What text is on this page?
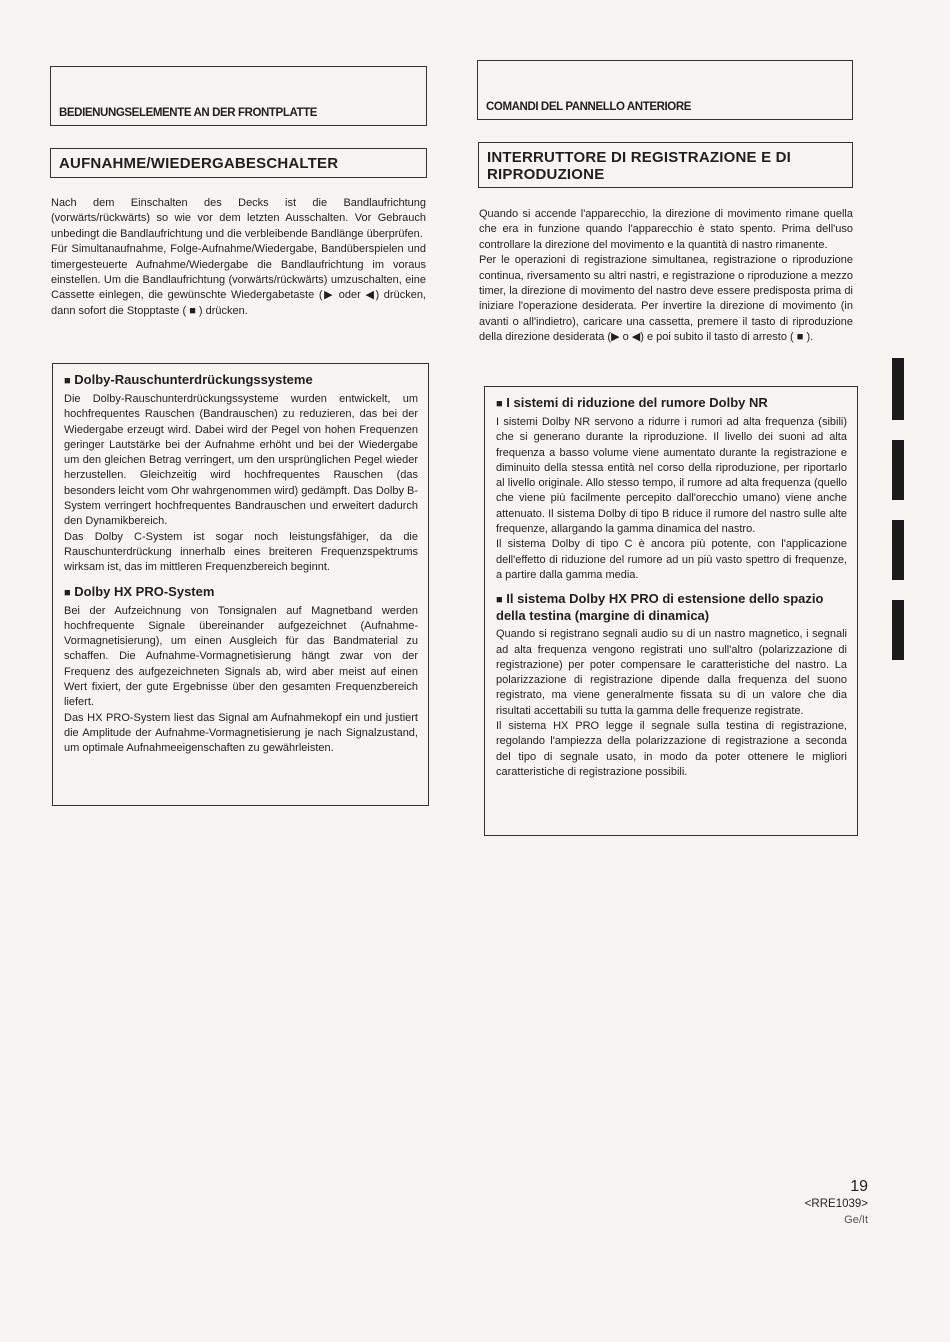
BEDIENUNGSELEMENTE AN DER FRONTPLATTE
AUFNAHME/WIEDERGABESCHALTER

Nach dem Einschalten des Decks ist die Bandlaufrichtung (vorwärts/rückwärts) so wie vor dem letzten Ausschalten. Vor Gebrauch unbedingt die Bandlaufrichtung und die verbleibende Bandlänge überprüfen.

Für Simultanaufnahme, Folge-Aufnahme/Wiedergabe, Bandüberspielen und timergesteuerte Aufnahme/Wiedergabe die Bandlaufrichtung im voraus einstellen. Um die Bandlaufrichtung (vorwärts/rückwärts) umzuschalten, eine Cassette einlegen, die gewünschte Wiedergabetaste (▶ oder ◀) drücken, dann sofort die Stopptaste ( ■ ) drücken.

■ Dolby-Rauschunterdrückungssysteme

Die Dolby-Rauschunterdrückungssysteme wurden entwickelt, um hochfrequentes Rauschen (Bandrauschen) zu reduzieren, das bei der Wiedergabe erzeugt wird. Dabei wird der Pegel von hohen Frequenzen geringer Lautstärke bei der Aufnahme erhöht und bei der Wiedergabe um den gleichen Betrag verringert, um den ursprünglichen Pegel wieder herzustellen. Gleichzeitig wird hochfrequentes Rauschen (das besonders leicht vom Ohr wahrgenommen wird) gedämpft. Das Dolby B-System verringert hochfrequentes Bandrauschen und erweitert dadurch den Dynamikbereich.

Das Dolby C-System ist sogar noch leistungsfähiger, da die Rauschunterdrückung innerhalb eines breiteren Frequenzspektrums wirksam ist, das im mittleren Frequenzbereich beginnt.

■ Dolby HX PRO-System

Bei der Aufzeichnung von Tonsignalen auf Magnetband werden hochfrequente Signale übereinander aufgezeichnet (Aufnahme-Vormagnetisierung), um einen Ausgleich für das Bandmaterial zu schaffen. Die Aufnahme-Vormagnetisierung hängt zwar von der Frequenz des aufgezeichneten Signals ab, wird aber meist auf einen Wert fixiert, der gute Ergebnisse über den gesamten Frequenzbereich liefert.

Das HX PRO-System liest das Signal am Aufnahmekopf ein und justiert die Amplitude der Aufnahme-Vormagnetisierung je nach Signalzustand, um optimale Aufnahmeeigenschaften zu gewährleisten.

COMANDI DEL PANNELLO ANTERIORE
INTERRUTTORE DI REGISTRAZIONE E DI RIPRODUZIONE

Quando si accende l'apparecchio, la direzione di movimento rimane quella che era in funzione quando l'apparecchio è stato spento. Prima dell'uso controllare la direzione del movimento e la quantità di nastro rimanente.

Per le operazioni di registrazione simultanea, registrazione o riproduzione continua, riversamento su altri nastri, e registrazione o riproduzione a mezzo timer, la direzione di movimento del nastro deve essere predisposta prima di iniziare l'operazione desiderata. Per invertire la direzione di movimento (in avanti o all'indietro), caricare una cassetta, premere il tasto di riproduzione della direzione desiderata (▶ o ◀) e poi subito il tasto di arresto ( ■ ).

■ I sistemi di riduzione del rumore Dolby NR

I sistemi Dolby NR servono a ridurre i rumori ad alta frequenza (sibili) che si generano durante la riproduzione. Il livello dei suoni ad alta frequenza a basso volume viene aumentato durante la registrazione e diminuito della stessa entità nel corso della riproduzione, per riportarlo al livello originale. Allo stesso tempo, il rumore ad alta frequenza (quello che viene più facilmente percepito dall'orecchio umano) viene anche attenuato. Il sistema Dolby di tipo B riduce il rumore del nastro sulle alte frequenze, allargando la gamma dinamica del nastro.

Il sistema Dolby di tipo C è ancora più potente, con l'applicazione dell'effetto di riduzione del rumore ad un più vasto spettro di frequenze, a partire dalla gamma media.

■ Il sistema Dolby HX PRO di estensione dello spazio della testina (margine di dinamica)

Quando si registrano segnali audio su di un nastro magnetico, i segnali ad alta frequenza vengono registrati uno sull'altro (polarizzazione di registrazione) per poter compensare le caratteristiche del nastro. La polarizzazione di registrazione dipende dalla frequenza del suono registrato, ma viene generalmente fissata su di un valore che dia risultati accettabili su tutta la gamma delle frequenze registrate.

Il sistema HX PRO legge il segnale sulla testina di registrazione, regolando l'ampiezza della polarizzazione di registrazione a seconda del tipo di segnale usato, in modo da poter ottenere le migliori caratteristiche di registrazione possibili.

19
<RRE1039>
Ge/It
